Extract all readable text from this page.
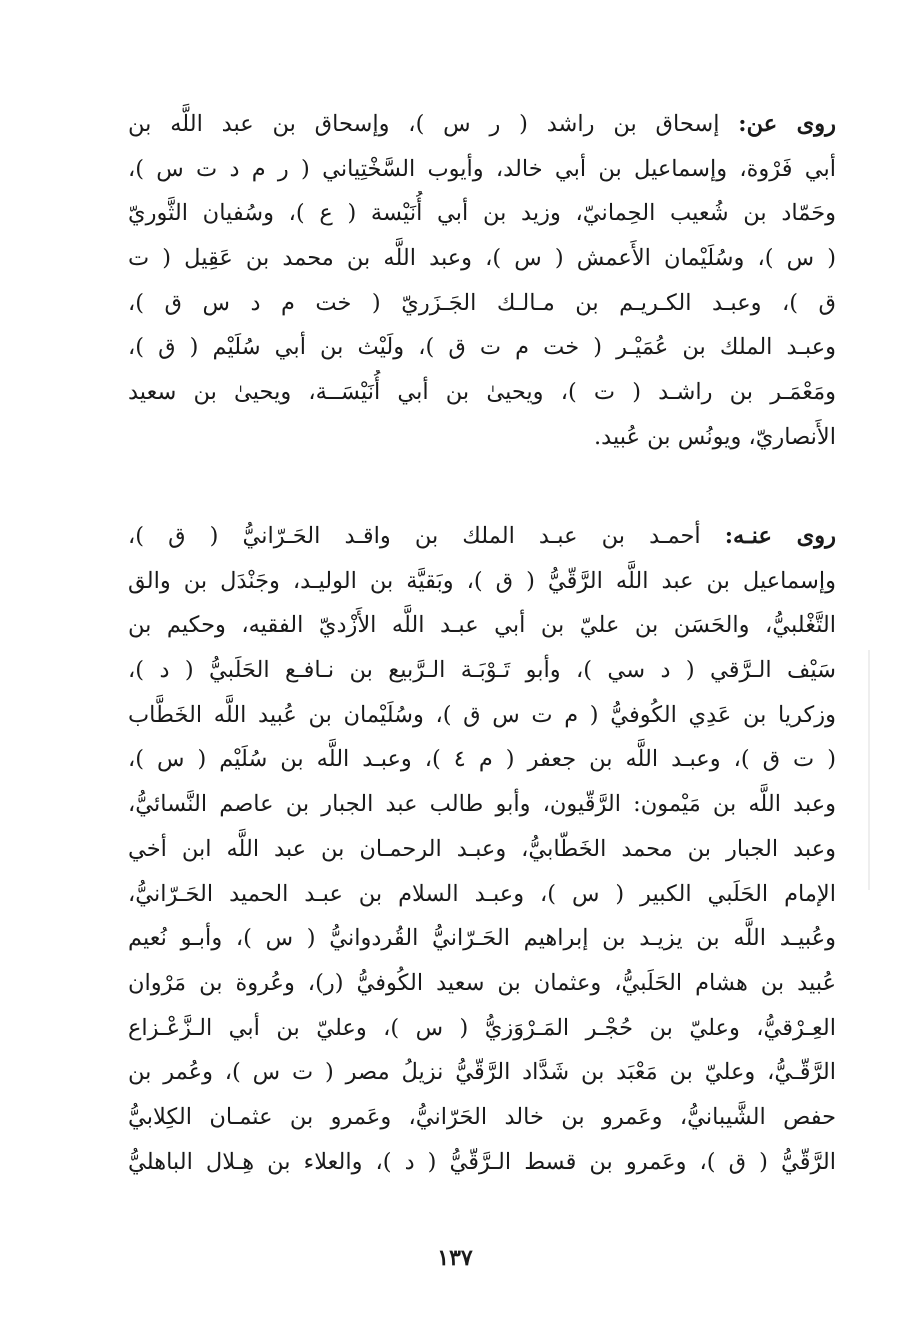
روى عن: إسحاق بن راشد ( ر س )، وإسحاق بن عبد اللَّه بن
أبي فَرْوة، وإسماعيل بن أبي خالد، وأيوب السَّخْتِياني ( ر م د ت س )،
وحَمّاد بن شُعيب الحِمانيّ، وزيد بن أبي أُنَيْسة ( ع )، وسُفيان الثَّوريّ
( س )، وسُلَيْمان الأَعمش ( س )، وعبد اللَّه بن محمد بن عَقِيل ( ت
ق )، وعبـد الكـريـم بن مـالـك الجَـزَريّ ( خت م د س ق )،
وعبـد الملك بن عُمَيْـر ( خت م ت ق )، ولَيْث بن أبي سُلَيْم ( ق )،
ومَعْمَـر بن راشـد ( ت )، ويحيىٰ بن أبي أُنَيْسَــة، ويحيىٰ بن سعيد
الأَنصاريّ، ويونُس بن عُبيد.
روى عنـه: أحمـد بن عبـد الملك بن واقـد الحَـرّانيُّ ( ق )،
وإسماعيل بن عبد اللَّه الرَّقّيُّ ( ق )، وبَقيَّة بن الوليـد، وجَنْدَل بن والق
التَّغْلبيُّ، والحَسَن بن عليّ بن أبي عبـد اللَّه الأَزْديّ الفقيه، وحكيم بن
سَيْف الـرَّقي ( د سي )، وأبو تَـوْبَـة الـرَّبيع بن نـافـع الحَلَبيُّ ( د )،
وزكريا بن عَدِي الكُوفيُّ ( م ت س ق )، وسُلَيْمان بن عُبيد اللَّه الخَطَّاب
( ت ق )، وعبـد اللَّه بن جعفر ( م ٤ )، وعبـد اللَّه بن سُلَيْم ( س )،
وعبد اللَّه بن مَيْمون: الرَّقّيون، وأبو طالب عبد الجبار بن عاصم النَّسائيُّ،
وعبد الجبار بن محمد الخَطّابيُّ، وعبـد الرحمـان بن عبد اللَّه ابن أخي
الإمام الحَلَبي الكبير ( س )، وعبـد السلام بن عبـد الحميد الحَـرّانيُّ،
وعُبيـد اللَّه بن يزيـد بن إبراهيم الحَـرّانيُّ القُردوانيُّ ( س )، وأبـو نُعيم
عُبيد بن هشام الحَلَبيُّ، وعثمان بن سعيد الكُوفيُّ (ر)، وعُروة بن مَرْوان
العِـرْقيُّ، وعليّ بن حُجْـر المَـرْوَزيُّ ( س )، وعليّ بن أبي الـزَّعْـزاع
الرَّقّـيُّ، وعليّ بن مَعْبَد بن شَدَّاد الرَّقّيُّ نزيلُ مصر ( ت س )، وعُمر بن
حفص الشَّيبانيُّ، وعَمرو بن خالد الحَرّانيُّ، وعَمرو بن عثمـان الكِلابيُّ
الرَّقّيُّ ( ق )، وعَمرو بن قسط الـرَّقّيُّ ( د )، والعلاء بن هِـلال الباهليُّ
١٣٧
